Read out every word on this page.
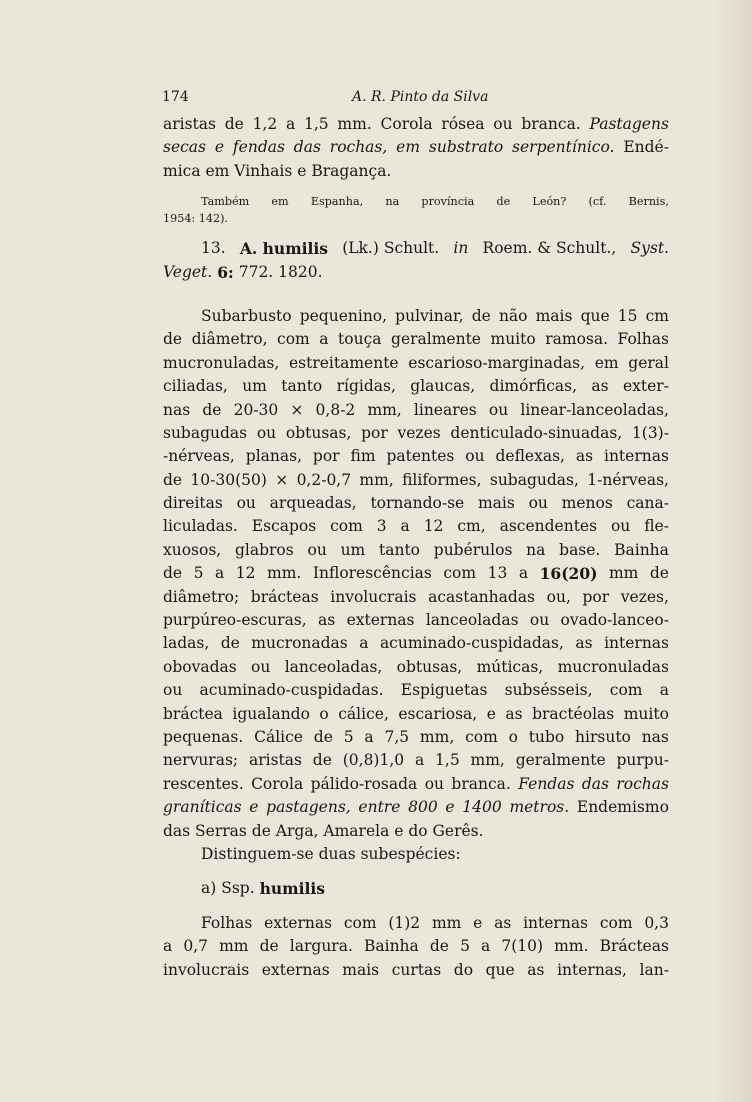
174	A. R. Pinto da Silva
aristas de 1,2 a 1,5 mm. Corola rósea ou branca. Pastagens
secas e fendas das rochas, em substrato serpentínico. Endé-
mica em Vinhais e Bragança.
Também em Espanha, na província de León? (cf. Bernis,
1954: 142).
13. A. humilis (Lk.) Schult. in Roem. & Schult., Syst.
Veget. 6: 772. 1820.
Subarbusto pequenino, pulvinar, de não mais que 15 cm
de diâmetro, com a touça geralmente muito ramosa. Folhas
mucronuladas, estreitamente escarioso-marginadas, em geral
ciliadas, um tanto rígidas, glaucas, dimórficas, as exter-
nas de 20-30 × 0,8-2 mm, lineares ou linear-lanceoladas,
subagudas ou obtusas, por vezes denticulado-sinuadas, 1(3)-
-nérveas, planas, por fim patentes ou deflexas, as internas
de 10-30(50) × 0,2-0,7 mm, filiformes, subagudas, 1-nérveas,
direitas ou arqueadas, tornando-se mais ou menos cana-
liculadas. Escapos com 3 a 12 cm, ascendentes ou fle-
xuosos, glabros ou um tanto pubérulos na base. Bainha
de 5 a 12 mm. Inflorescências com 13 a 16(20) mm de
diâmetro; brácteas involucrais acastanhadas ou, por vezes,
purpúreo-escuras, as externas lanceoladas ou ovado-lanceo-
ladas, de mucronadas a acuminado-cuspidadas, as internas
obovadas ou lanceoladas, obtusas, múticas, mucronuladas
ou acuminado-cuspidadas. Espiguetas subsésseis, com a
bráctea igualando o cálice, escariosa, e as bractéolas muito
pequenas. Cálice de 5 a 7,5 mm, com o tubo hirsuto nas
nervuras; aristas de (0,8)1,0 a 1,5 mm, geralmente purpu-
rescentes. Corola pálido-rosada ou branca. Fendas das rochas
graníticas e pastagens, entre 800 e 1400 metros. Endemismo
das Serras de Arga, Amarela e do Gerês.
Distinguem-se duas subespécies:
a) Ssp. humilis
Folhas externas com (1)2 mm e as internas com 0,3
a 0,7 mm de largura. Bainha de 5 a 7(10) mm. Brácteas
involucrais externas mais curtas do que as internas, lan-
